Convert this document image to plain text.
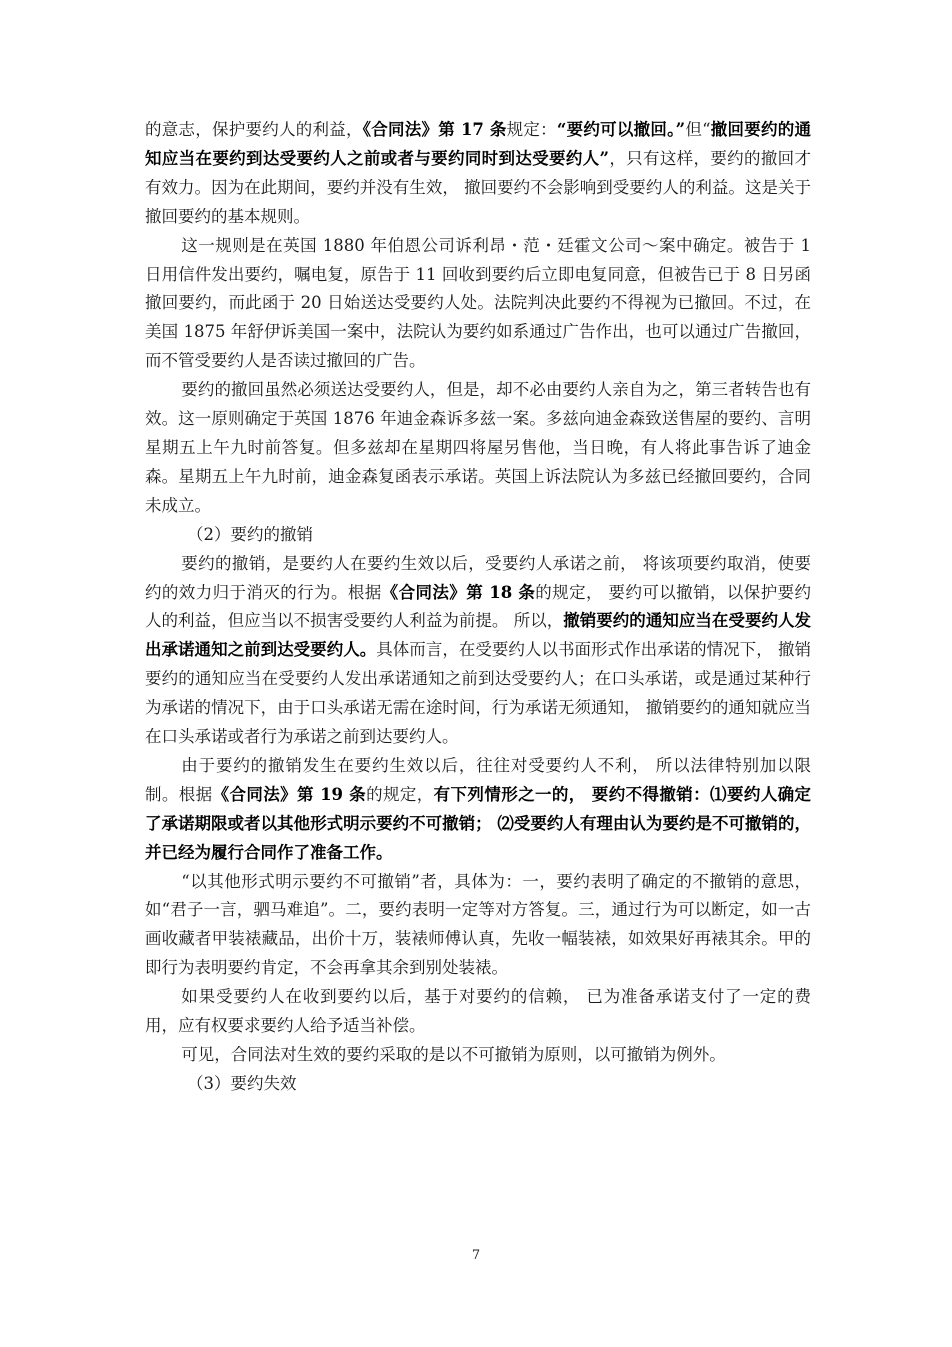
的意志，保护要约人的利益，《合同法》第 17 条规定：“要约可以撤回。”但“撤回要约的通知应当在要约到达受要约人之前或者与要约同时到达受要约人”，只有这样，要约的撤回才有效力。因为在此期间，要约并没有生效， 撤回要约不会影响到受要约人的利益。这是关于撤回要约的基本规则。

这一规则是在英国 1880 年伯恩公司诉利昂・范・廷霍文公司～案中确定。被告于 1 日用信件发出要约，嘱电复，原告于 11 回收到要约后立即电复同意，但被告已于 8 日另函撤回要约，而此函于 20 日始送达受要约人处。法院判决此要约不得视为已撤回。不过，在美国 1875 年舒伊诉美国一案中，法院认为要约如系通过广告作出，也可以通过广告撤回，而不管受要约人是否读过撤回的广告。

要约的撤回虽然必须送达受要约人，但是，却不必由要约人亲自为之，第三者转告也有效。这一原则确定于英国 1876 年迪金森诉多兹一案。多兹向迪金森致送售屋的要约、言明星期五上午九时前答复。但多兹却在星期四将屋另售他，当日晚，有人将此事告诉了迪金森。星期五上午九时前，迪金森复函表示承诺。英国上诉法院认为多兹已经撤回要约，合同未成立。

（2）要约的撤销

要约的撤销，是要约人在要约生效以后，受要约人承诺之前， 将该项要约取消，使要约的效力归于消灭的行为。根据《合同法》第 18 条的规定， 要约可以撤销，以保护要约人的利益，但应当以不损害受要约人利益为前提。 所以，撤销要约的通知应当在受要约人发出承诺通知之前到达受要约人。具体而言，在受要约人以书面形式作出承诺的情况下， 撤销要约的通知应当在受要约人发出承诺通知之前到达受要约人；在口头承诺，或是通过某种行为承诺的情况下，由于口头承诺无需在途时间，行为承诺无须通知， 撤销要约的通知就应当在口头承诺或者行为承诺之前到达要约人。

由于要约的撤销发生在要约生效以后，往往对受要约人不利， 所以法律特别加以限制。根据《合同法》第 19 条的规定，有下列情形之一的， 要约不得撤销：⑴要约人确定了承诺期限或者以其他形式明示要约不可撤销； ⑵受要约人有理由认为要约是不可撤销的，并已经为履行合同作了准备工作。

“以其他形式明示要约不可撤销”者，具体为：一，要约表明了确定的不撤销的意思，如“君子一言，驷马难追”。二，要约表明一定等对方答复。三，通过行为可以断定，如一古画收藏者甲装裱藏品，出价十万，装裱师傅认真，先收一幅装裱，如效果好再裱其余。甲的即行为表明要约肯定，不会再拿其余到别处装裱。

如果受要约人在收到要约以后，基于对要约的信赖， 已为准备承诺支付了一定的费用，应有权要求要约人给予适当补偿。

可见，合同法对生效的要约采取的是以不可撤销为原则，以可撤销为例外。

（3）要约失效

7
